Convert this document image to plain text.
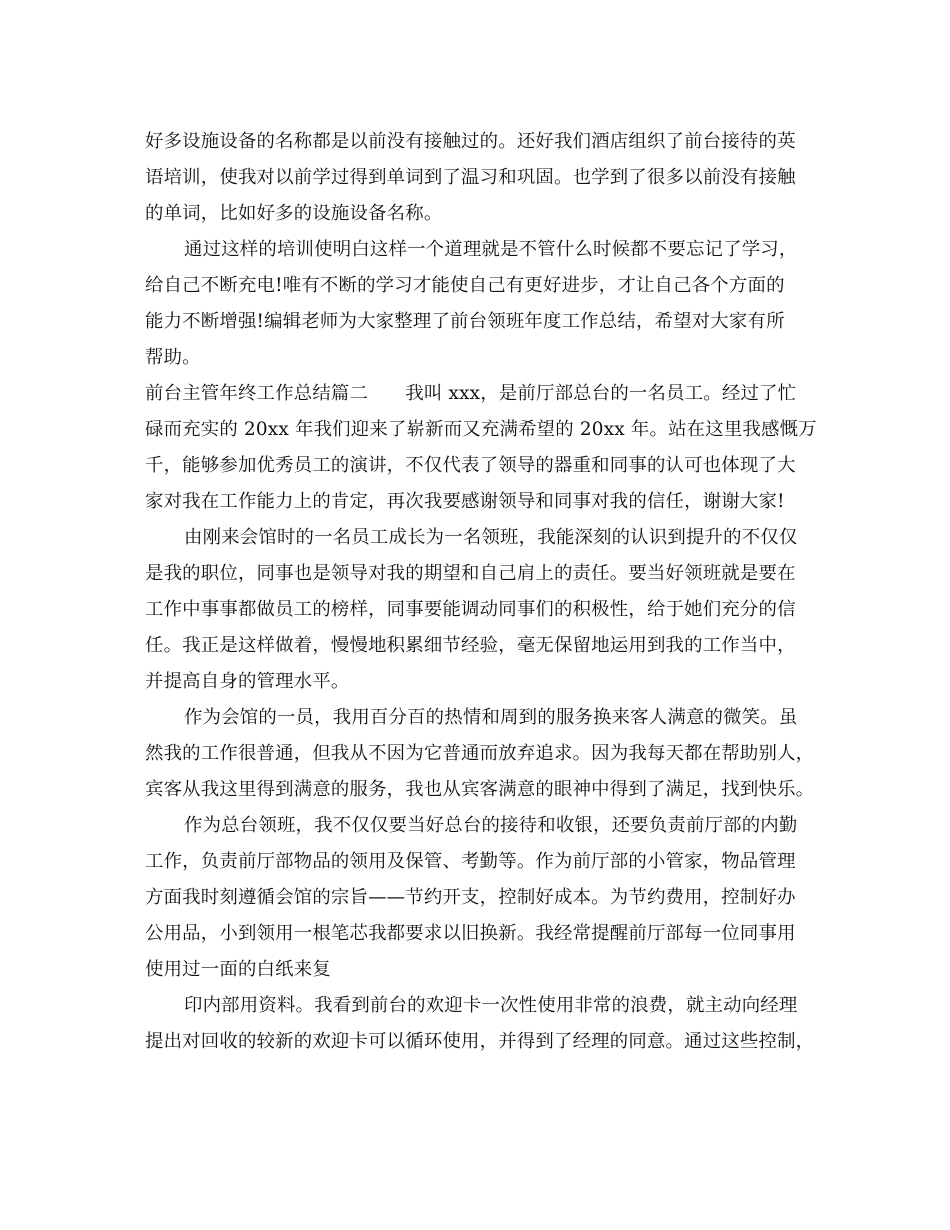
好多设施设备的名称都是以前没有接触过的。还好我们酒店组织了前台接待的英
语培训，使我对以前学过得到单词到了温习和巩固。也学到了很多以前没有接触
的单词，比如好多的设施设备名称。
通过这样的培训使明白这样一个道理就是不管什么时候都不要忘记了学习，
给自己不断充电!唯有不断的学习才能使自己有更好进步，才让自己各个方面的
能力不断增强!编辑老师为大家整理了前台领班年度工作总结，希望对大家有所
帮助。
前台主管年终工作总结篇二　　我叫 xxx，是前厅部总台的一名员工。经过了忙
碌而充实的 20xx 年我们迎来了崭新而又充满希望的 20xx 年。站在这里我感慨万
千，能够参加优秀员工的演讲，不仅代表了领导的器重和同事的认可也体现了大
家对我在工作能力上的肯定，再次我要感谢领导和同事对我的信任，谢谢大家!
由刚来会馆时的一名员工成长为一名领班，我能深刻的认识到提升的不仅仅
是我的职位，同事也是领导对我的期望和自己肩上的责任。要当好领班就是要在
工作中事事都做员工的榜样，同事要能调动同事们的积极性，给于她们充分的信
任。我正是这样做着，慢慢地积累细节经验，毫无保留地运用到我的工作当中，
并提高自身的管理水平。
作为会馆的一员，我用百分百的热情和周到的服务换来客人满意的微笑。虽
然我的工作很普通，但我从不因为它普通而放弃追求。因为我每天都在帮助别人，
宾客从我这里得到满意的服务，我也从宾客满意的眼神中得到了满足，找到快乐。
作为总台领班，我不仅仅要当好总台的接待和收银，还要负责前厅部的内勤
工作，负责前厅部物品的领用及保管、考勤等。作为前厅部的小管家，物品管理
方面我时刻遵循会馆的宗旨——节约开支，控制好成本。为节约费用，控制好办
公用品，小到领用一根笔芯我都要求以旧换新。我经常提醒前厅部每一位同事用
使用过一面的白纸来复
印内部用资料。我看到前台的欢迎卡一次性使用非常的浪费，就主动向经理
提出对回收的较新的欢迎卡可以循环使用，并得到了经理的同意。通过这些控制，
